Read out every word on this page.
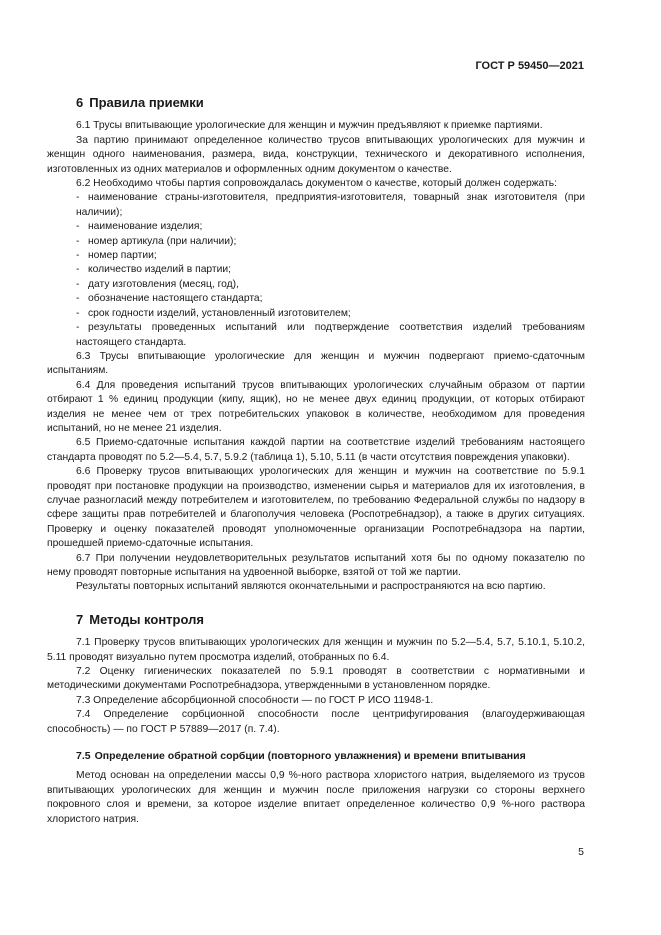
ГОСТ Р 59450—2021
6 Правила приемки

6.1 Трусы впитывающие урологические для женщин и мужчин предъявляют к приемке партиями.

За партию принимают определенное количество трусов впитывающих урологических для мужчин и женщин одного наименования, размера, вида, конструкции, технического и декоративного исполнения, изготовленных из одних материалов и оформленных одним документом о качестве.

6.2 Необходимо чтобы партия сопровождалась документом о качестве, который должен содержать:

- наименование страны-изготовителя, предприятия-изготовителя, товарный знак изготовителя (при наличии);

- наименование изделия;

- номер артикула (при наличии);

- номер партии;

- количество изделий в партии;

- дату изготовления (месяц, год),

- обозначение настоящего стандарта;

- срок годности изделий, установленный изготовителем;

- результаты проведенных испытаний или подтверждение соответствия изделий требованиям настоящего стандарта.

6.3 Трусы впитывающие урологические для женщин и мужчин подвергают приемо-сдаточным испытаниям.

6.4 Для проведения испытаний трусов впитывающих урологических случайным образом от партии отбирают 1 % единиц продукции (кипу, ящик), но не менее двух единиц продукции, от которых отбирают изделия не менее чем от трех потребительских упаковок в количестве, необходимом для проведения испытаний, но не менее 21 изделия.

6.5 Приемо-сдаточные испытания каждой партии на соответствие изделий требованиям настоящего стандарта проводят по 5.2—5.4, 5.7, 5.9.2 (таблица 1), 5.10, 5.11 (в части отсутствия повреждения упаковки).

6.6 Проверку трусов впитывающих урологических для женщин и мужчин на соответствие по 5.9.1 проводят при постановке продукции на производство, изменении сырья и материалов для их изготовления, в случае разногласий между потребителем и изготовителем, по требованию Федеральной службы по надзору в сфере защиты прав потребителей и благополучия человека (Роспотребнадзор), а также в других ситуациях. Проверку и оценку показателей проводят уполномоченные организации Роспотребнадзора на партии, прошедшей приемо-сдаточные испытания.

6.7 При получении неудовлетворительных результатов испытаний хотя бы по одному показателю по нему проводят повторные испытания на удвоенной выборке, взятой от той же партии.

Результаты повторных испытаний являются окончательными и распространяются на всю партию.

7 Методы контроля

7.1 Проверку трусов впитывающих урологических для женщин и мужчин по 5.2—5.4, 5.7, 5.10.1, 5.10.2, 5.11 проводят визуально путем просмотра изделий, отобранных по 6.4.

7.2 Оценку гигиенических показателей по 5.9.1 проводят в соответствии с нормативными и методическими документами Роспотребнадзора, утвержденными в установленном порядке.

7.3 Определение абсорбционной способности — по ГОСТ Р ИСО 11948-1.

7.4 Определение сорбционной способности после центрифугирования (влагоудерживающая способность) — по ГОСТ Р 57889—2017 (п. 7.4).

7.5 Определение обратной сорбции (повторного увлажнения) и времени впитывания

Метод основан на определении массы 0,9 %-ного раствора хлористого натрия, выделяемого из трусов впитывающих урологических для женщин и мужчин после приложения нагрузки со стороны верхнего покровного слоя и времени, за которое изделие впитает определенное количество 0,9 %-ного раствора хлористого натрия.

5
